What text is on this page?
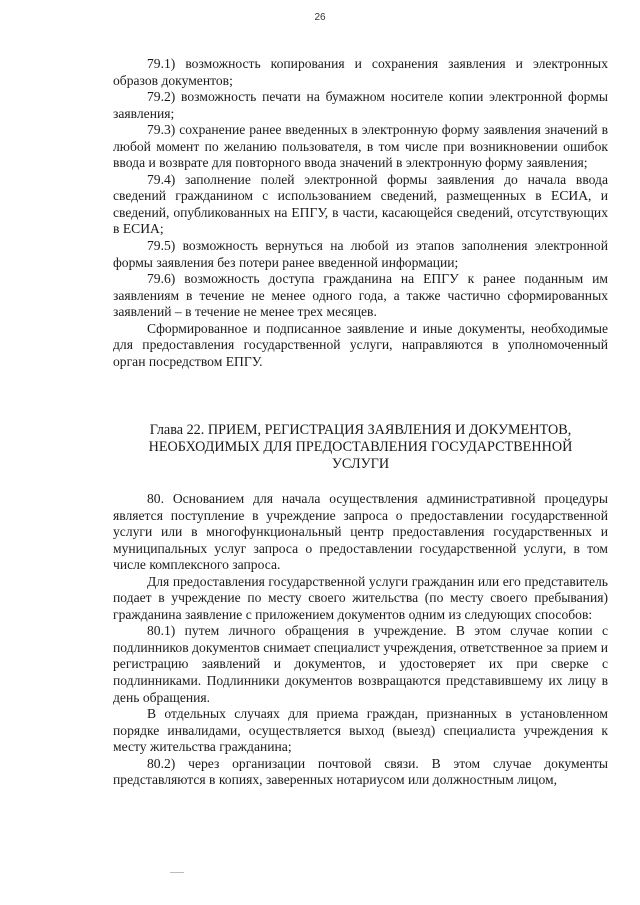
26

79.1) возможность копирования и сохранения заявления и электронных образов документов;

79.2) возможность печати на бумажном носителе копии электронной формы заявления;

79.3) сохранение ранее введенных в электронную форму заявления значений в любой момент по желанию пользователя, в том числе при возникновении ошибок ввода и возврате для повторного ввода значений в электронную форму заявления;

79.4) заполнение полей электронной формы заявления до начала ввода сведений гражданином с использованием сведений, размещенных в ЕСИА, и сведений, опубликованных на ЕПГУ, в части, касающейся сведений, отсутствующих в ЕСИА;

79.5) возможность вернуться на любой из этапов заполнения электронной формы заявления без потери ранее введенной информации;

79.6) возможность доступа гражданина на ЕПГУ к ранее поданным им заявлениям в течение не менее одного года, а также частично сформированных заявлений – в течение не менее трех месяцев.

Сформированное и подписанное заявление и иные документы, необходимые для предоставления государственной услуги, направляются в уполномоченный орган посредством ЕПГУ.

Глава 22. ПРИЕМ, РЕГИСТРАЦИЯ ЗАЯВЛЕНИЯ И ДОКУМЕНТОВ,
НЕОБХОДИМЫХ ДЛЯ ПРЕДОСТАВЛЕНИЯ ГОСУДАРСТВЕННОЙ
УСЛУГИ

80. Основанием для начала осуществления административной процедуры является поступление в учреждение запроса о предоставлении государственной услуги или в многофункциональный центр предоставления государственных и муниципальных услуг запроса о предоставлении государственной услуги, в том числе комплексного запроса.

Для предоставления государственной услуги гражданин или его представитель подает в учреждение по месту своего жительства (по месту своего пребывания) гражданина заявление с приложением документов одним из следующих способов:

80.1) путем личного обращения в учреждение. В этом случае копии с подлинников документов снимает специалист учреждения, ответственное за прием и регистрацию заявлений и документов, и удостоверяет их при сверке с подлинниками. Подлинники документов возвращаются представившему их лицу в день обращения.

В отдельных случаях для приема граждан, признанных в установленном порядке инвалидами, осуществляется выход (выезд) специалиста учреждения к месту жительства гражданина;

80.2) через организации почтовой связи. В этом случае документы представляются в копиях, заверенных нотариусом или должностным лицом,
